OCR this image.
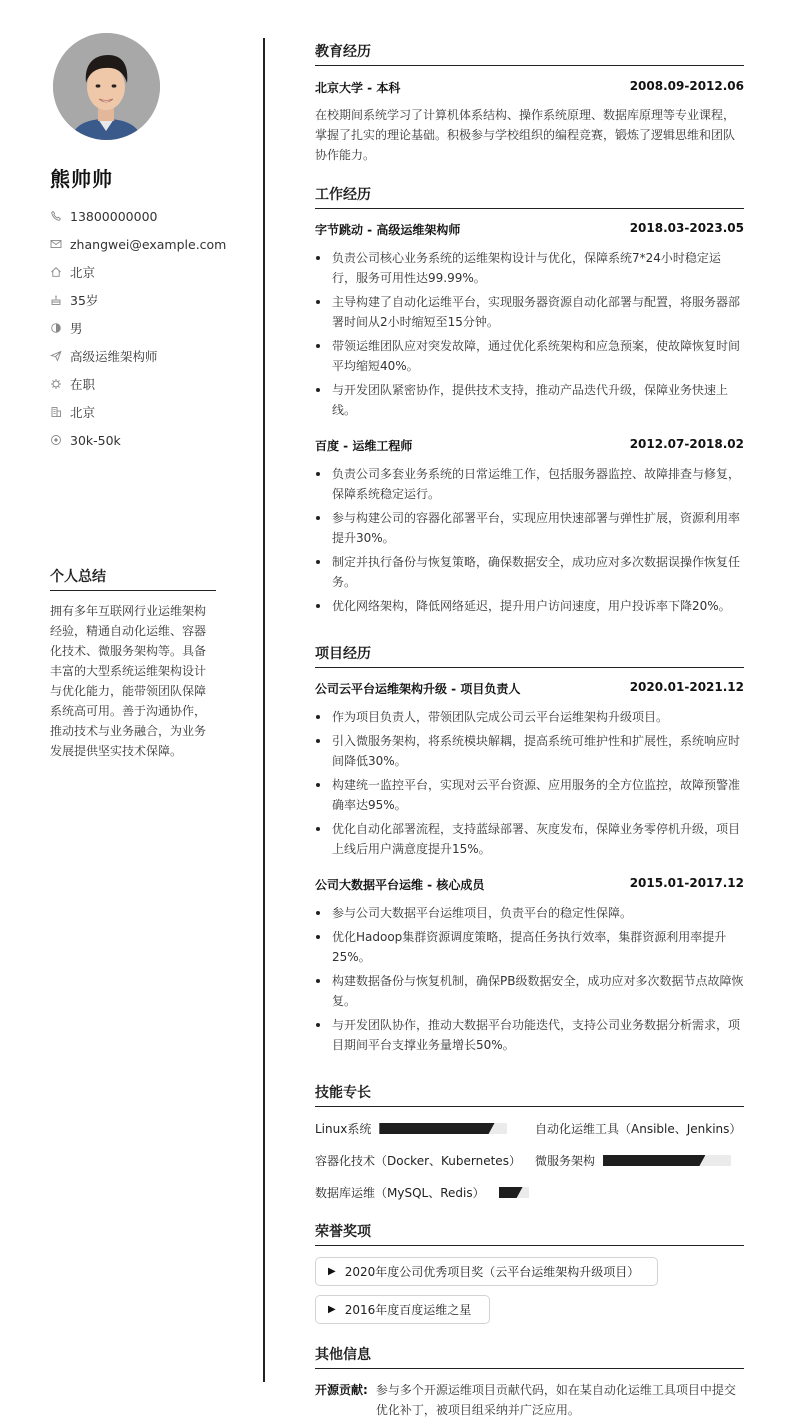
熊帅帅
13800000000
zhangwei@example.com
北京
35岁
男
高级运维架构师
在职
北京
30k-50k
个人总结
拥有多年互联网行业运维架构经验，精通自动化运维、容器化技术、微服务架构等。具备丰富的大型系统运维架构设计与优化能力，能带领团队保障系统高可用。善于沟通协作，推动技术与业务融合，为业务发展提供坚实技术保障。
教育经历
北京大学 - 本科	2008.09-2012.06
在校期间系统学习了计算机体系结构、操作系统原理、数据库原理等专业课程，掌握了扎实的理论基础。积极参与学校组织的编程竞赛，锻炼了逻辑思维和团队协作能力。
工作经历
字节跳动 - 高级运维架构师	2018.03-2023.05
负责公司核心业务系统的运维架构设计与优化，保障系统7*24小时稳定运行，服务可用性达99.99%。
主导构建了自动化运维平台，实现服务器资源自动化部署与配置，将服务器部署时间从2小时缩短至15分钟。
带领运维团队应对突发故障，通过优化系统架构和应急预案，使故障恢复时间平均缩短40%。
与开发团队紧密协作，提供技术支持，推动产品迭代升级，保障业务快速上线。
百度 - 运维工程师	2012.07-2018.02
负责公司多套业务系统的日常运维工作，包括服务器监控、故障排查与修复，保障系统稳定运行。
参与构建公司的容器化部署平台，实现应用快速部署与弹性扩展，资源利用率提升30%。
制定并执行备份与恢复策略，确保数据安全，成功应对多次数据误操作恢复任务。
优化网络架构，降低网络延迟，提升用户访问速度，用户投诉率下降20%。
项目经历
公司云平台运维架构升级 - 项目负责人	2020.01-2021.12
作为项目负责人，带领团队完成公司云平台运维架构升级项目。
引入微服务架构，将系统模块解耦，提高系统可维护性和扩展性，系统响应时间降低30%。
构建统一监控平台，实现对云平台资源、应用服务的全方位监控，故障预警准确率达95%。
优化自动化部署流程，支持蓝绿部署、灰度发布，保障业务零停机升级，项目上线后用户满意度提升15%。
公司大数据平台运维 - 核心成员	2015.01-2017.12
参与公司大数据平台运维项目，负责平台的稳定性保障。
优化Hadoop集群资源调度策略，提高任务执行效率，集群资源利用率提升25%。
构建数据备份与恢复机制，确保PB级数据安全，成功应对多次数据节点故障恢复。
与开发团队协作，推动大数据平台功能迭代，支持公司业务数据分析需求，项目期间平台支撑业务量增长50%。
技能专长
Linux系统	自动化运维工具（Ansible、Jenkins）
容器化技术（Docker、Kubernetes） 微服务架构
数据库运维（MySQL、Redis）
荣誉奖项
▶ 2020年度公司优秀项目奖（云平台运维架构升级项目）
▶ 2016年度百度运维之星
其他信息
开源贡献: 参与多个开源运维项目贡献代码，如在某自动化运维工具项目中提交优化补丁，被项目组采纳并广泛应用。
